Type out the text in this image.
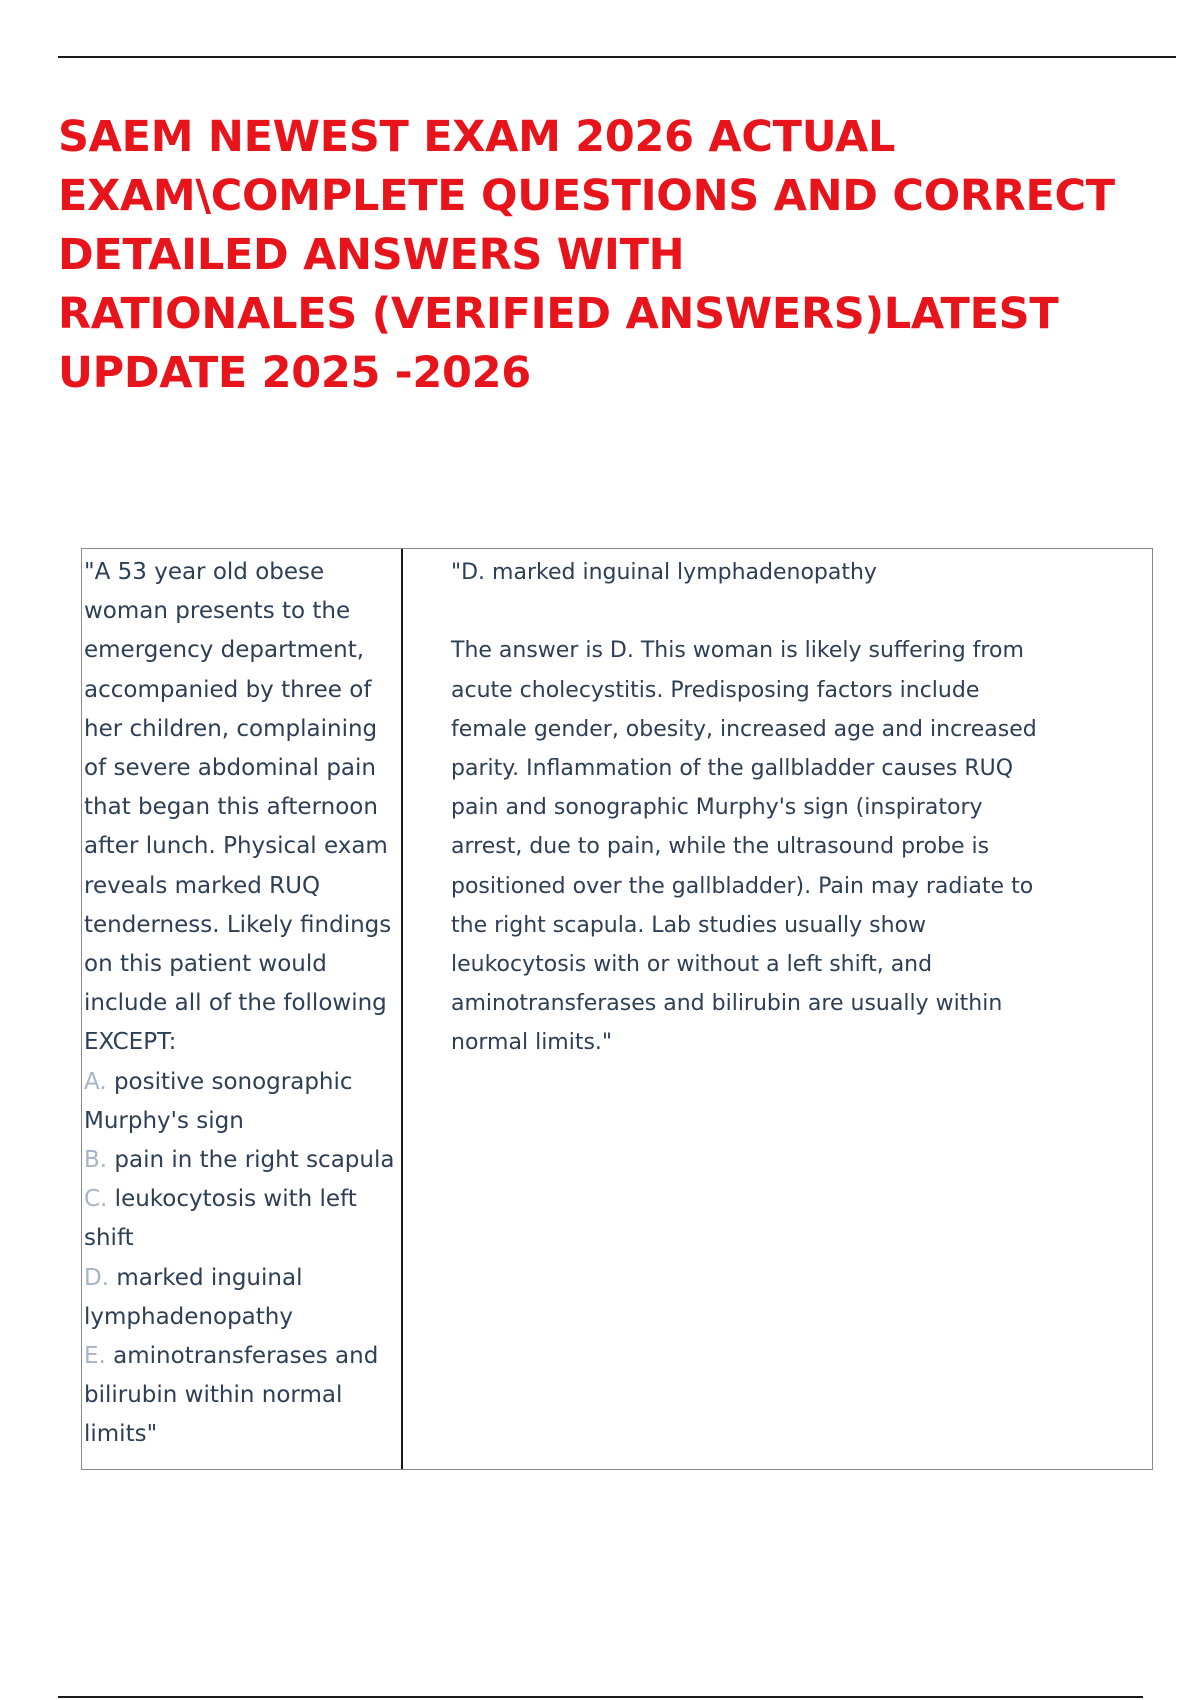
SAEM NEWEST EXAM 2026 ACTUAL
EXAM\COMPLETE QUESTIONS AND CORRECT
DETAILED ANSWERS WITH
RATIONALES (VERIFIED ANSWERS)LATEST
UPDATE 2025 -2026
"A 53 year old obese
woman presents to the
emergency department,
accompanied by three of
her children, complaining
of severe abdominal pain
that began this afternoon
after lunch. Physical exam
reveals marked RUQ
tenderness. Likely findings
on this patient would
include all of the following
EXCEPT:
A. positive sonographic
Murphy's sign
B. pain in the right scapula
C. leukocytosis with left
shift
D. marked inguinal
lymphadenopathy
E. aminotransferases and
bilirubin within normal
limits"
"D. marked inguinal lymphadenopathy
The answer is D. This woman is likely suffering from
acute cholecystitis. Predisposing factors include
female gender, obesity, increased age and increased
parity. Inflammation of the gallbladder causes RUQ
pain and sonographic Murphy's sign (inspiratory
arrest, due to pain, while the ultrasound probe is
positioned over the gallbladder). Pain may radiate to
the right scapula. Lab studies usually show
leukocytosis with or without a left shift, and
aminotransferases and bilirubin are usually within
normal limits."
